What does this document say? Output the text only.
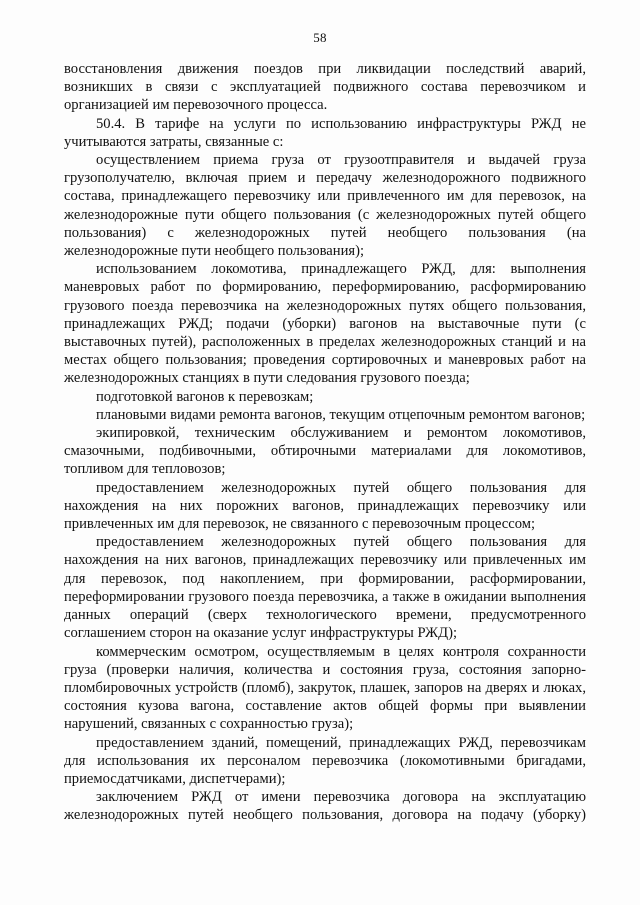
58

восстановления движения поездов при ликвидации последствий аварий, возникших в связи с эксплуатацией подвижного состава перевозчиком и организацией им перевозочного процесса.

50.4. В тарифе на услуги по использованию инфраструктуры РЖД не учитываются затраты, связанные с:

осуществлением приема груза от грузоотправителя и выдачей груза грузополучателю, включая прием и передачу железнодорожного подвижного состава, принадлежащего перевозчику или привлеченного им для перевозок, на железнодорожные пути общего пользования (с железнодорожных путей общего пользования) с железнодорожных путей необщего пользования (на железнодорожные пути необщего пользования);

использованием локомотива, принадлежащего РЖД, для: выполнения маневровых работ по формированию, переформированию, расформированию грузового поезда перевозчика на железнодорожных путях общего пользования, принадлежащих РЖД; подачи (уборки) вагонов на выставочные пути (с выставочных путей), расположенных в пределах железнодорожных станций и на местах общего пользования; проведения сортировочных и маневровых работ на железнодорожных станциях в пути следования грузового поезда;

подготовкой вагонов к перевозкам;

плановыми видами ремонта вагонов, текущим отцепочным ремонтом вагонов;

экипировкой, техническим обслуживанием и ремонтом локомотивов, смазочными, подбивочными, обтирочными материалами для локомотивов, топливом для тепловозов;

предоставлением железнодорожных путей общего пользования для нахождения на них порожних вагонов, принадлежащих перевозчику или привлеченных им для перевозок, не связанного с перевозочным процессом;

предоставлением железнодорожных путей общего пользования для нахождения на них вагонов, принадлежащих перевозчику или привлеченных им для перевозок, под накоплением, при формировании, расформировании, переформировании грузового поезда перевозчика, а также в ожидании выполнения данных операций (сверх технологического времени, предусмотренного соглашением сторон на оказание услуг инфраструктуры РЖД);

коммерческим осмотром, осуществляемым в целях контроля сохранности груза (проверки наличия, количества и состояния груза, состояния запорно-пломбировочных устройств (пломб), закруток, плашек, запоров на дверях и люках, состояния кузова вагона, составление актов общей формы при выявлении нарушений, связанных с сохранностью груза);

предоставлением зданий, помещений, принадлежащих РЖД, перевозчикам для использования их персоналом перевозчика (локомотивными бригадами, приемосдатчиками, диспетчерами);

заключением РЖД от имени перевозчика договора на эксплуатацию железнодорожных путей необщего пользования, договора на подачу (уборку)
